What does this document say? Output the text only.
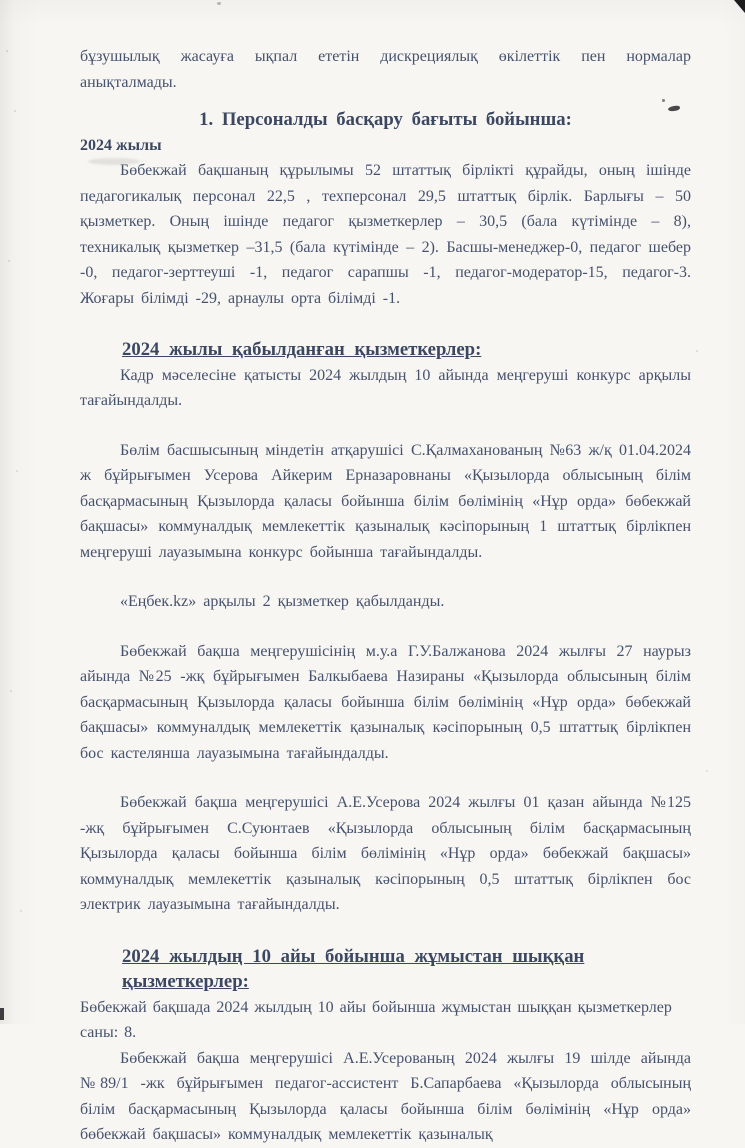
бұзушылық жасауға ықпал ететін дискрециялық өкілеттік пен нормалар анықталмады.

1. Персоналды басқару бағыты бойынша:

2024 жылы

Бөбекжай бақшаның құрылымы 52 штаттық бірлікті құрайды, оның ішінде педагогикалық персонал 22,5 , техперсонал 29,5 штаттық бірлік. Барлығы – 50 қызметкер. Оның ішінде педагог қызметкерлер – 30,5 (бала күтімінде – 8), техникалық қызметкер –31,5 (бала күтімінде – 2). Басшы-менеджер-0, педагог шебер -0, педагог-зерттеуші -1, педагог сарапшы -1, педагог-модератор-15, педагог-3. Жоғары білімді -29, арнаулы орта білімді -1.

2024 жылы қабылданған қызметкерлер:

Кадр мәселесіне қатысты 2024 жылдың 10 айында меңгеруші конкурс арқылы тағайындалды.

Бөлім басшысының міндетін атқарушісі С.Қалмаханованың №63 ж/қ 01.04.2024 ж бұйрығымен Усерова Айкерим Ерназаровнаны «Қызылорда облысының білім басқармасының Қызылорда қаласы бойынша білім бөлімінің «Нұр орда» бөбекжай бақшасы» коммуналдық мемлекеттік қазыналық кәсіпорының 1 штаттық бірлікпен меңгеруші лауазымына конкурс бойынша тағайындалды.

«Еңбек.kz» арқылы 2 қызметкер қабылданды.

Бөбекжай бақша меңгерушісінің м.у.а Г.У.Балжанова 2024 жылғы 27 наурыз айында №25 -жқ бұйрығымен Балкыбаева Назираны «Қызылорда облысының білім басқармасының Қызылорда қаласы бойынша білім бөлімінің «Нұр орда» бөбекжай бақшасы» коммуналдық мемлекеттік қазыналық кәсіпорының 0,5 штаттық бірлікпен бос кастелянша лауазымына тағайындалды.

Бөбекжай бақша меңгерушісі А.Е.Усерова 2024 жылғы 01 қазан айында №125 -жқ бұйрығымен С.Суюнтаев «Қызылорда облысының білім басқармасының Қызылорда қаласы бойынша білім бөлімінің «Нұр орда» бөбекжай бақшасы» коммуналдық мемлекеттік қазыналық кәсіпорының 0,5 штаттық бірлікпен бос электрик лауазымына тағайындалды.

2024 жылдың 10 айы бойынша жұмыстан шыққан қызметкерлер:

Бөбекжай бақшада 2024 жылдың 10 айы бойынша жұмыстан шыққан қызметкерлер саны: 8.

Бөбекжай бақша меңгерушісі А.Е.Усерованың 2024 жылғы 19 шілде айында №89/1 -жк бұйрығымен педагог-ассистент Б.Сапарбаева «Қызылорда облысының білім басқармасының Қызылорда қаласы бойынша білім бөлімінің «Нұр орда» бөбекжай бақшасы» коммуналдық мемлекеттік қазыналық
